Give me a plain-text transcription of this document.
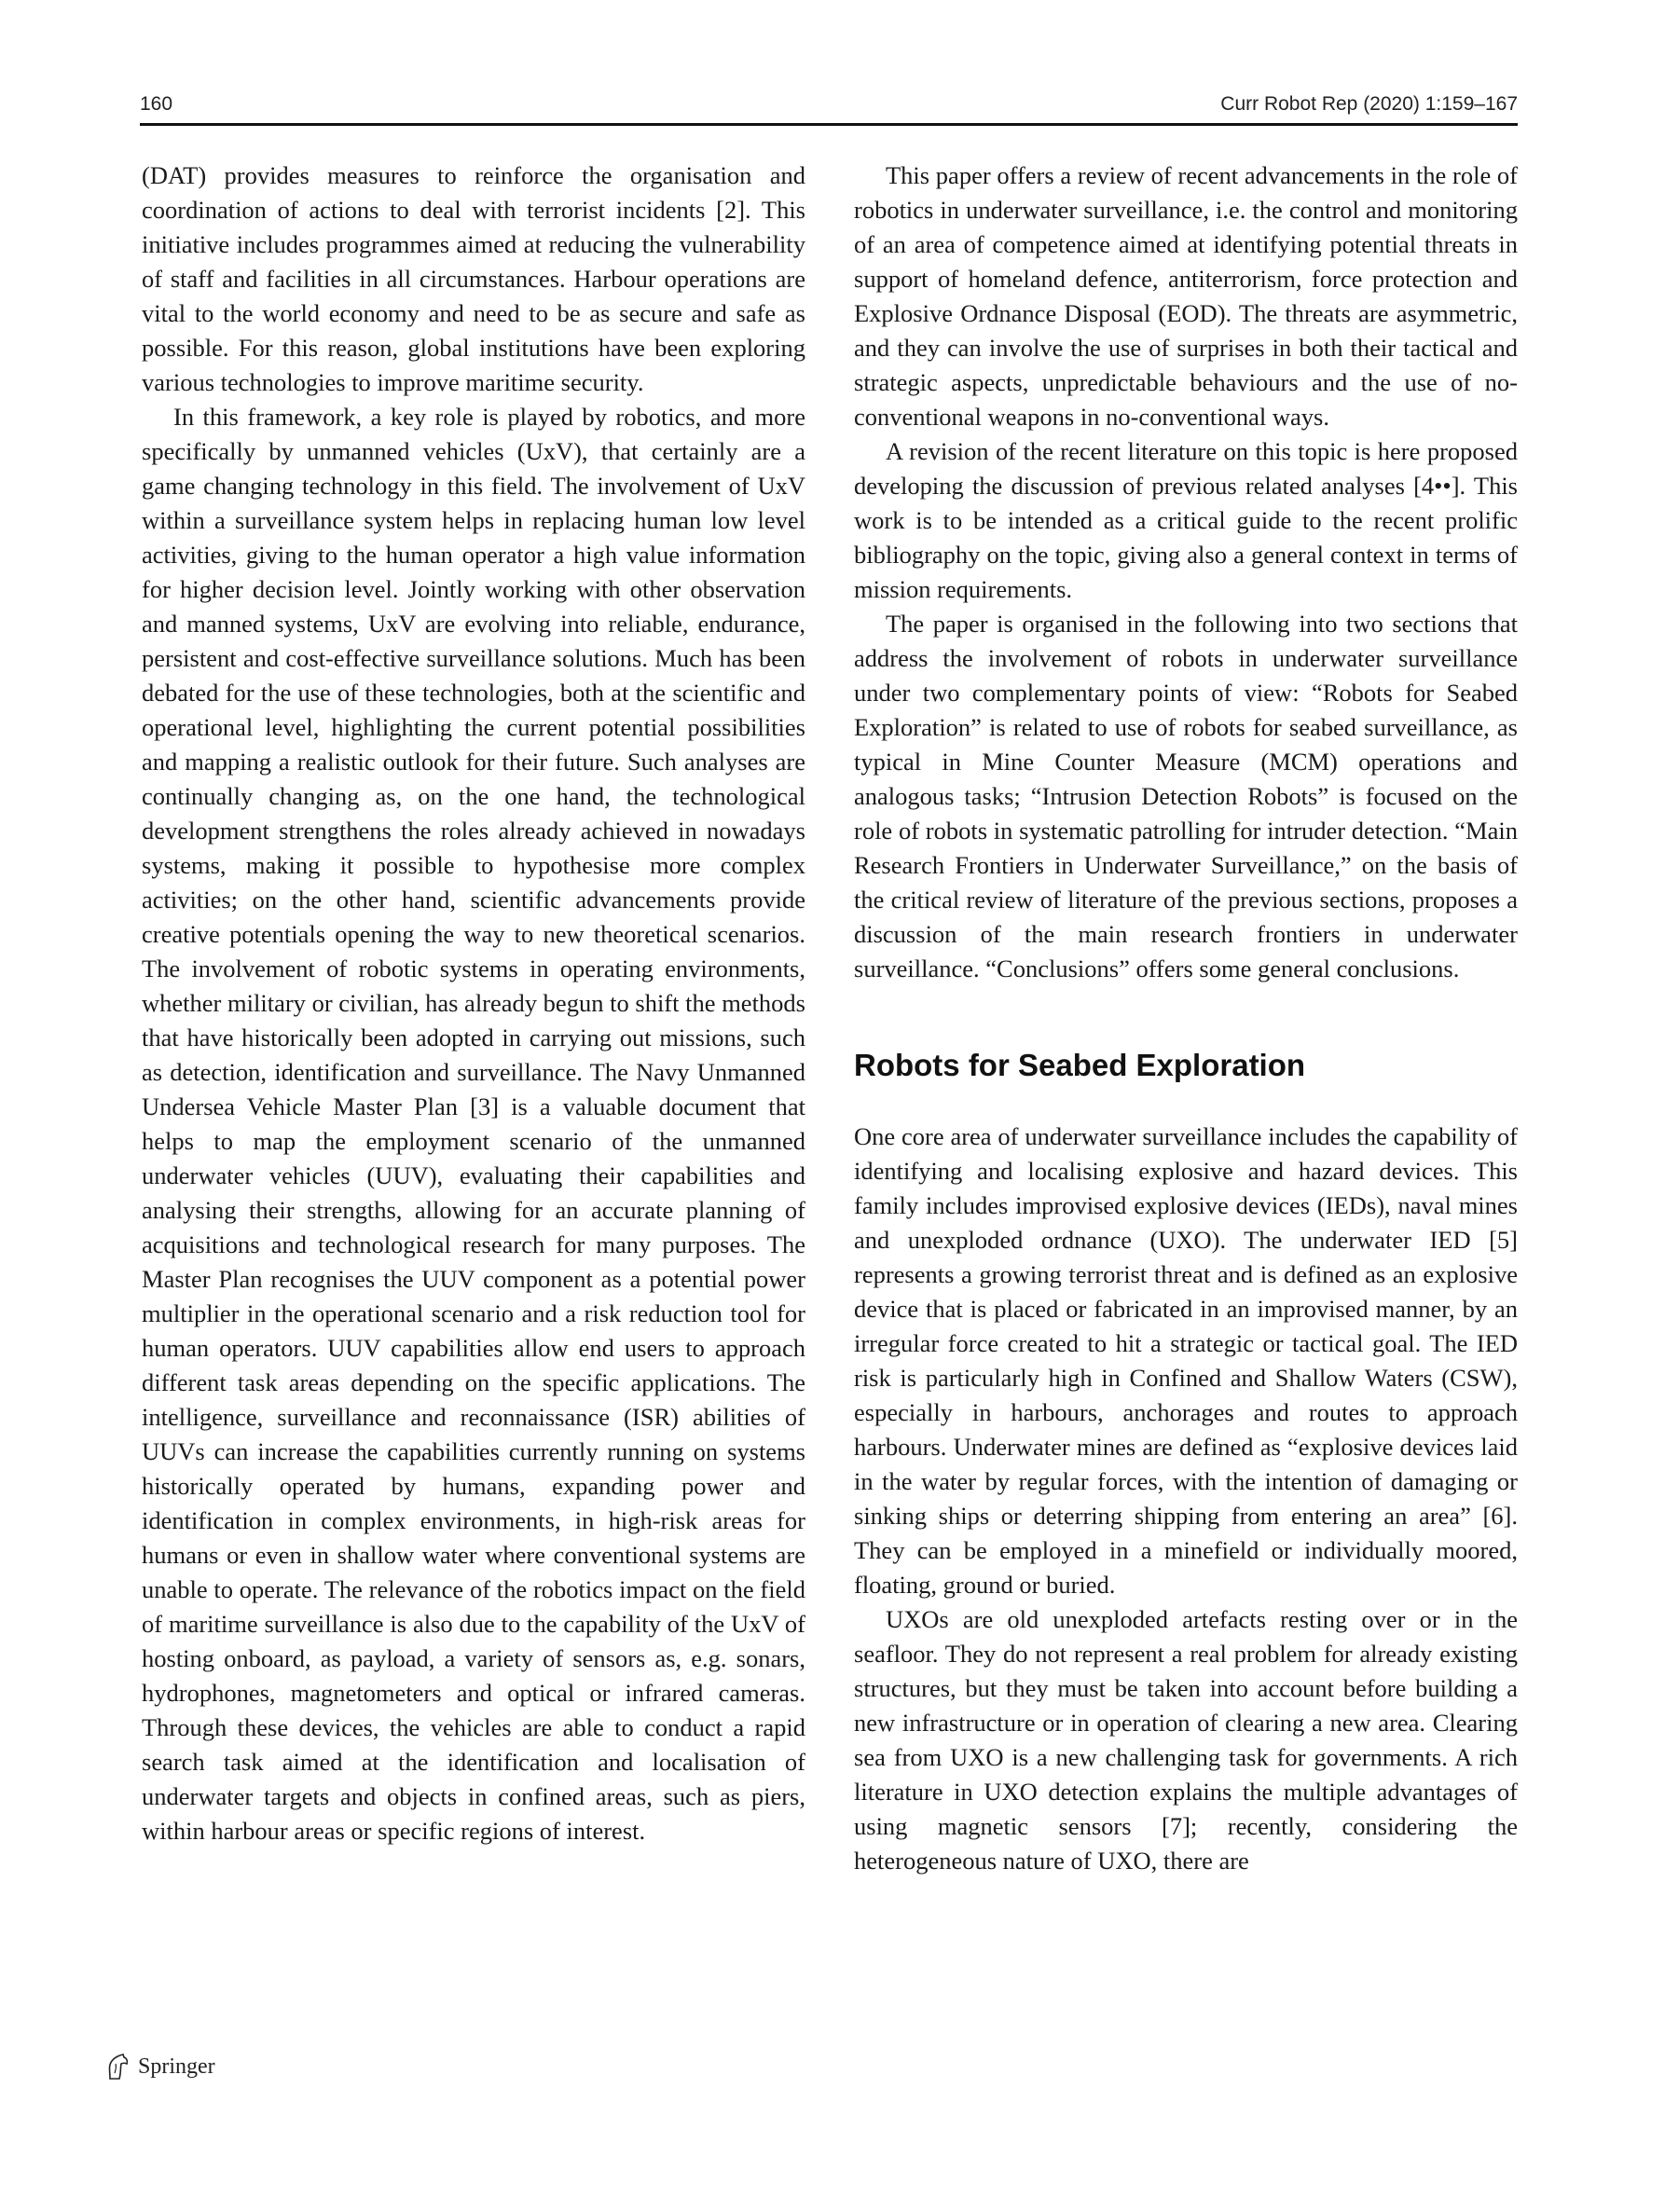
160	Curr Robot Rep (2020) 1:159–167

(DAT) provides measures to reinforce the organisation and coordination of actions to deal with terrorist incidents [2]. This initiative includes programmes aimed at reducing the vulnerability of staff and facilities in all circumstances. Harbour operations are vital to the world economy and need to be as secure and safe as possible. For this reason, global institutions have been exploring various technologies to improve maritime security.

In this framework, a key role is played by robotics, and more specifically by unmanned vehicles (UxV), that certainly are a game changing technology in this field. The involvement of UxV within a surveillance system helps in replacing human low level activities, giving to the human operator a high value information for higher decision level. Jointly working with other observation and manned systems, UxV are evolving into reliable, endurance, persistent and cost-effective surveillance solutions. Much has been debated for the use of these technologies, both at the scientific and operational level, highlighting the current potential possibilities and mapping a realistic outlook for their future. Such analyses are continually changing as, on the one hand, the technological development strengthens the roles already achieved in nowadays systems, making it possible to hypothesise more complex activities; on the other hand, scientific advancements provide creative potentials opening the way to new theoretical scenarios. The involvement of robotic systems in operating environments, whether military or civilian, has already begun to shift the methods that have historically been adopted in carrying out missions, such as detection, identification and surveillance. The Navy Unmanned Undersea Vehicle Master Plan [3] is a valuable document that helps to map the employment scenario of the unmanned underwater vehicles (UUV), evaluating their capabilities and analysing their strengths, allowing for an accurate planning of acquisitions and technological research for many purposes. The Master Plan recognises the UUV component as a potential power multiplier in the operational scenario and a risk reduction tool for human operators. UUV capabilities allow end users to approach different task areas depending on the specific applications. The intelligence, surveillance and reconnaissance (ISR) abilities of UUVs can increase the capabilities currently running on systems historically operated by humans, expanding power and identification in complex environments, in high-risk areas for humans or even in shallow water where conventional systems are unable to operate. The relevance of the robotics impact on the field of maritime surveillance is also due to the capability of the UxV of hosting onboard, as payload, a variety of sensors as, e.g. sonars, hydrophones, magnetometers and optical or infrared cameras. Through these devices, the vehicles are able to conduct a rapid search task aimed at the identification and localisation of underwater targets and objects in confined areas, such as piers, within harbour areas or specific regions of interest.

This paper offers a review of recent advancements in the role of robotics in underwater surveillance, i.e. the control and monitoring of an area of competence aimed at identifying potential threats in support of homeland defence, antiterrorism, force protection and Explosive Ordnance Disposal (EOD). The threats are asymmetric, and they can involve the use of surprises in both their tactical and strategic aspects, unpredictable behaviours and the use of no-conventional weapons in no-conventional ways.

A revision of the recent literature on this topic is here proposed developing the discussion of previous related analyses [4••]. This work is to be intended as a critical guide to the recent prolific bibliography on the topic, giving also a general context in terms of mission requirements.

The paper is organised in the following into two sections that address the involvement of robots in underwater surveillance under two complementary points of view: “Robots for Seabed Exploration” is related to use of robots for seabed surveillance, as typical in Mine Counter Measure (MCM) operations and analogous tasks; “Intrusion Detection Robots” is focused on the role of robots in systematic patrolling for intruder detection. “Main Research Frontiers in Underwater Surveillance,” on the basis of the critical review of literature of the previous sections, proposes a discussion of the main research frontiers in underwater surveillance. “Conclusions” offers some general conclusions.

Robots for Seabed Exploration

One core area of underwater surveillance includes the capability of identifying and localising explosive and hazard devices. This family includes improvised explosive devices (IEDs), naval mines and unexploded ordnance (UXO). The underwater IED [5] represents a growing terrorist threat and is defined as an explosive device that is placed or fabricated in an improvised manner, by an irregular force created to hit a strategic or tactical goal. The IED risk is particularly high in Confined and Shallow Waters (CSW), especially in harbours, anchorages and routes to approach harbours. Underwater mines are defined as “explosive devices laid in the water by regular forces, with the intention of damaging or sinking ships or deterring shipping from entering an area” [6]. They can be employed in a minefield or individually moored, floating, ground or buried.

UXOs are old unexploded artefacts resting over or in the seafloor. They do not represent a real problem for already existing structures, but they must be taken into account before building a new infrastructure or in operation of clearing a new area. Clearing sea from UXO is a new challenging task for governments. A rich literature in UXO detection explains the multiple advantages of using magnetic sensors [7]; recently, considering the heterogeneous nature of UXO, there are

Springer
